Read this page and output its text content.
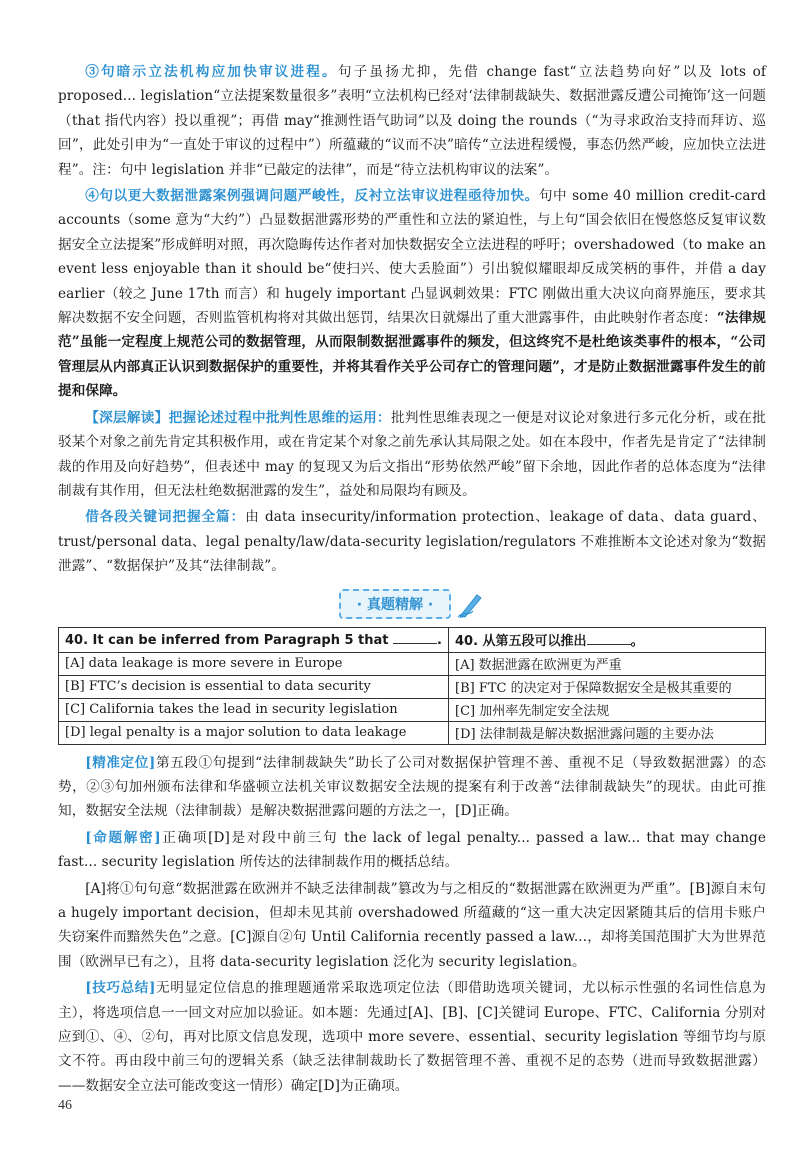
③句暗示立法机构应加快审议进程。句子虽扬尤抑，先借 change fast“立法趋势向好”以及 lots of proposed... legislation“立法提案数量很多”表明“立法机构已经对‘法律制裁缺失、数据泄露反遭公司掩饰’这一问题（that 指代内容）投以重视”；再借 may“推测性语气助词”以及 doing the rounds（“为寻求政治支持而拜访、巡回”，此处引申为“一直处于审议的过程中”）所蕴藏的“议而不决”暗传“立法进程缓慢，事态仍然严峻，应加快立法进程”。注：句中 legislation 并非“已敲定的法律”，而是“待立法机构审议的法案”。

④句以更大数据泄露案例强调问题严峻性，反衬立法审议进程亟待加快。句中 some 40 million credit-card accounts（some 意为“大约”）凸显数据泄露形势的严重性和立法的紧迫性，与上句“国会依旧在慢悠悠反复审议数据安全立法提案”形成鲜明对照，再次隐晦传达作者对加快数据安全立法进程的呼吁；overshadowed（to make an event less enjoyable than it should be“使扫兴、使大丢脸面”）引出貌似耀眼却反成笑柄的事件，并借 a day earlier（较之 June 17th 而言）和 hugely important 凸显讽刺效果：FTC 刚做出重大决议向商界施压，要求其解决数据不安全问题，否则监管机构将对其做出惩罚，结果次日就爆出了重大泄露事件，由此映射作者态度：“法律规范”虽能一定程度上规范公司的数据管理，从而限制数据泄露事件的频发，但这终究不是杜绝该类事件的根本，“公司管理层从内部真正认识到数据保护的重要性，并将其看作关乎公司存亡的管理问题”，才是防止数据泄露事件发生的前提和保障。

【深层解读】把握论述过程中批判性思维的运用：批判性思维表现之一便是对议论对象进行多元化分析，或在批驳某个对象之前先肯定其积极作用，或在肯定某个对象之前先承认其局限之处。如在本段中，作者先是肯定了“法律制裁的作用及向好趋势”，但表述中 may 的复现又为后文指出“形势依然严峻”留下余地，因此作者的总体态度为“法律制裁有其作用，但无法杜绝数据泄露的发生”，益处和局限均有顾及。

借各段关键词把握全篇：由 data insecurity/information protection、leakage of data、data guard、trust/personal data、legal penalty/law/data-security legislation/regulators 不难推断本文论述对象为“数据泄露”、“数据保护”及其“法律制裁”。

· 真题精解 ·
40. It can be inferred from Paragraph 5 that .	40. 从第五段可以推出 。
[A] data leakage is more severe in Europe	[A] 数据泄露在欧洲更为严重
[B] FTC’s decision is essential to data security	[B] FTC 的决定对于保障数据安全是极其重要的
[C] California takes the lead in security legislation	[C] 加州率先制定安全法规
[D] legal penalty is a major solution to data leakage	[D] 法律制裁是解决数据泄露问题的主要办法

[精准定位]第五段①句提到“法律制裁缺失”助长了公司对数据保护管理不善、重视不足（导致数据泄露）的态势，②③句加州颁布法律和华盛顿立法机关审议数据安全法规的提案有利于改善“法律制裁缺失”的现状。由此可推知，数据安全法规（法律制裁）是解决数据泄露问题的方法之一，[D]正确。

[命题解密]正确项[D]是对段中前三句 the lack of legal penalty... passed a law... that may change fast... security legislation 所传达的法律制裁作用的概括总结。

[A]将①句句意“数据泄露在欧洲并不缺乏法律制裁”篡改为与之相反的“数据泄露在欧洲更为严重”。[B]源自末句 a hugely important decision，但却未见其前 overshadowed 所蕴藏的“这一重大决定因紧随其后的信用卡账户失窃案件而黯然失色”之意。[C]源自②句 Until California recently passed a law...，却将美国范围扩大为世界范围（欧洲早已有之），且将 data-security legislation 泛化为 security legislation。

[技巧总结]无明显定位信息的推理题通常采取选项定位法（即借助选项关键词，尤以标示性强的名词性信息为主），将选项信息一一回文对应加以验证。如本题：先通过[A]、[B]、[C]关键词 Europe、FTC、California 分别对应到①、④、②句，再对比原文信息发现，选项中 more severe、essential、security legislation 等细节均与原文不符。再由段中前三句的逻辑关系（缺乏法律制裁助长了数据管理不善、重视不足的态势（进而导致数据泄露）——数据安全立法可能改变这一情形）确定[D]为正确项。

46
